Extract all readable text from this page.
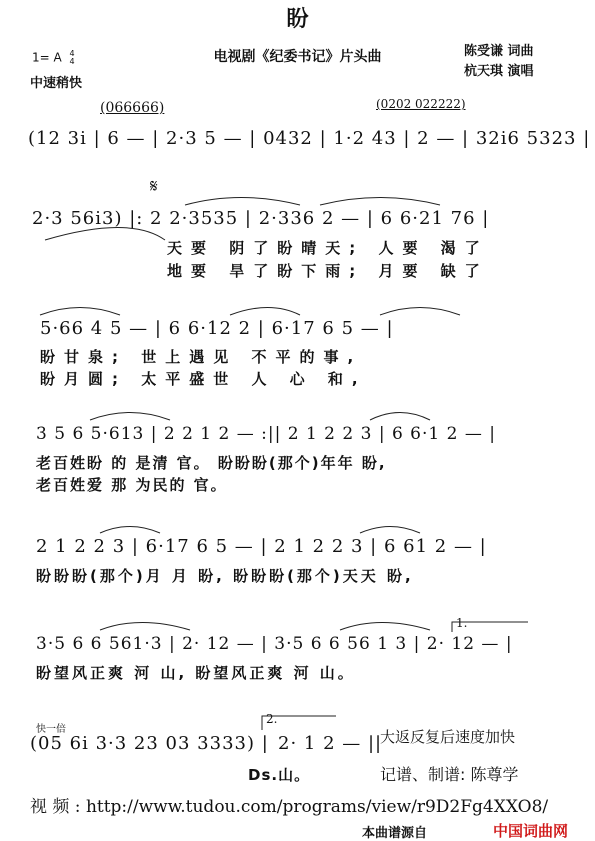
盼
电视剧《纪委书记》片头曲
1= A 4
4
中速稍快
陈受谦 词曲
杭天琪 演唱
(066666)	(0202 022222)
(12 3i | 6 — | 2·3 5 — | 0432 | 1·2 43 | 2 — | 32i6 5323 |
𝄋
2·3 56i3) |: 2 2·3535 | 2·336 2 — | 6 6·21 76 |
天要 阴了盼晴天; 人要 渴了
地要 旱了盼下雨; 月要 缺了
5·66 4 5 — | 6 6·12 2 | 6·17 6 5 — |
盼甘泉; 世上遇见 不平的事,
盼月圆; 太平盛世 人 心 和,
3 5 6 5·613 | 2 2 1 2 — :|| 2 1 2 2 3 | 6 6·1 2 — |
老百姓盼 的 是清 官。 盼盼盼(那个)年年 盼,
老百姓爱 那 为民的 官。
2 1 2 2 3 | 6·17 6 5 — | 2 1 2 2 3 | 6 61 2 — |
盼盼盼(那个)月 月 盼, 盼盼盼(那个)天天 盼,
1.
3·5 6 6 561·3 | 2· 12 — | 3·5 6 6 56 1 3 | 2· 12 — |
盼望风正爽 河 山, 盼望风正爽 河 山。
快一倍
(05 6i 3·3 23 03 3333) |
2.
2· 1 2 — ||
大返反复后速度加快
Ds.山。	记谱、制谱: 陈尊学
视 频 : http://www.tudou.com/programs/view/r9D2Fg4XXO8/
本曲谱源自	中国词曲网
